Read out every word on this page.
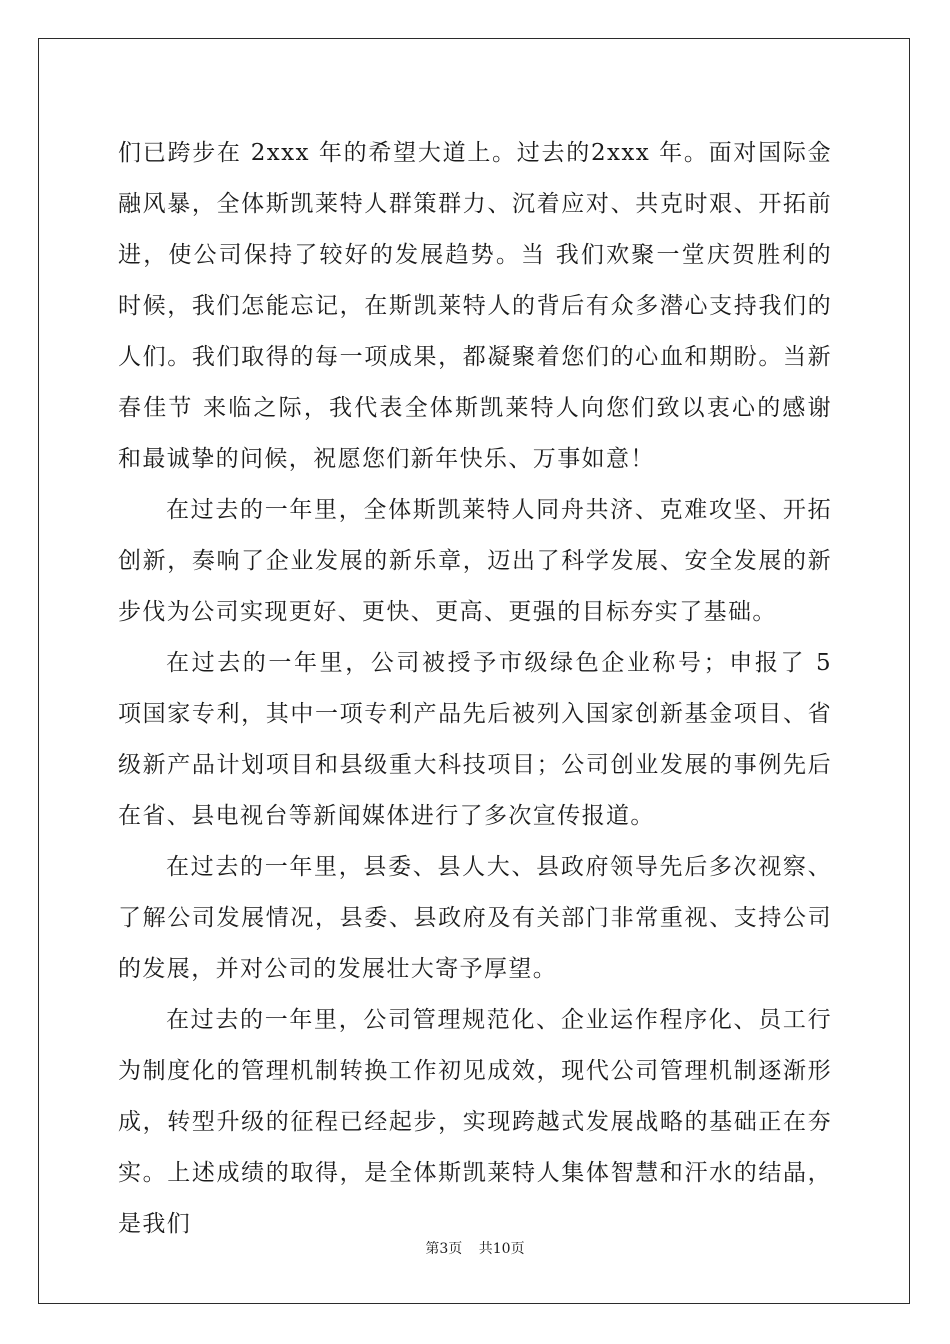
们已跨步在 2xxx 年的希望大道上。过去的2xxx 年。面对国际金融风暴，全体斯凯莱特人群策群力、沉着应对、共克时艰、开拓前进，使公司保持了较好的发展趋势。当 我们欢聚一堂庆贺胜利的时候，我们怎能忘记，在斯凯莱特人的背后有众多潜心支持我们的人们。我们取得的每一项成果，都凝聚着您们的心血和期盼。当新春佳节 来临之际，我代表全体斯凯莱特人向您们致以衷心的感谢和最诚挚的问候，祝愿您们新年快乐、万事如意！

在过去的一年里，全体斯凯莱特人同舟共济、克难攻坚、开拓创新，奏响了企业发展的新乐章，迈出了科学发展、安全发展的新步伐为公司实现更好、更快、更高、更强的目标夯实了基础。

在过去的一年里，公司被授予市级绿色企业称号；申报了 5 项国家专利，其中一项专利产品先后被列入国家创新基金项目、省级新产品计划项目和县级重大科技项目；公司创业发展的事例先后在省、县电视台等新闻媒体进行了多次宣传报道。

在过去的一年里，县委、县人大、县政府领导先后多次视察、了解公司发展情况，县委、县政府及有关部门非常重视、支持公司的发展，并对公司的发展壮大寄予厚望。

在过去的一年里，公司管理规范化、企业运作程序化、员工行为制度化的管理机制转换工作初见成效，现代公司管理机制逐渐形成，转型升级的征程已经起步，实现跨越式发展战略的基础正在夯实。上述成绩的取得，是全体斯凯莱特人集体智慧和汗水的结晶，是我们

第3页 共10页
